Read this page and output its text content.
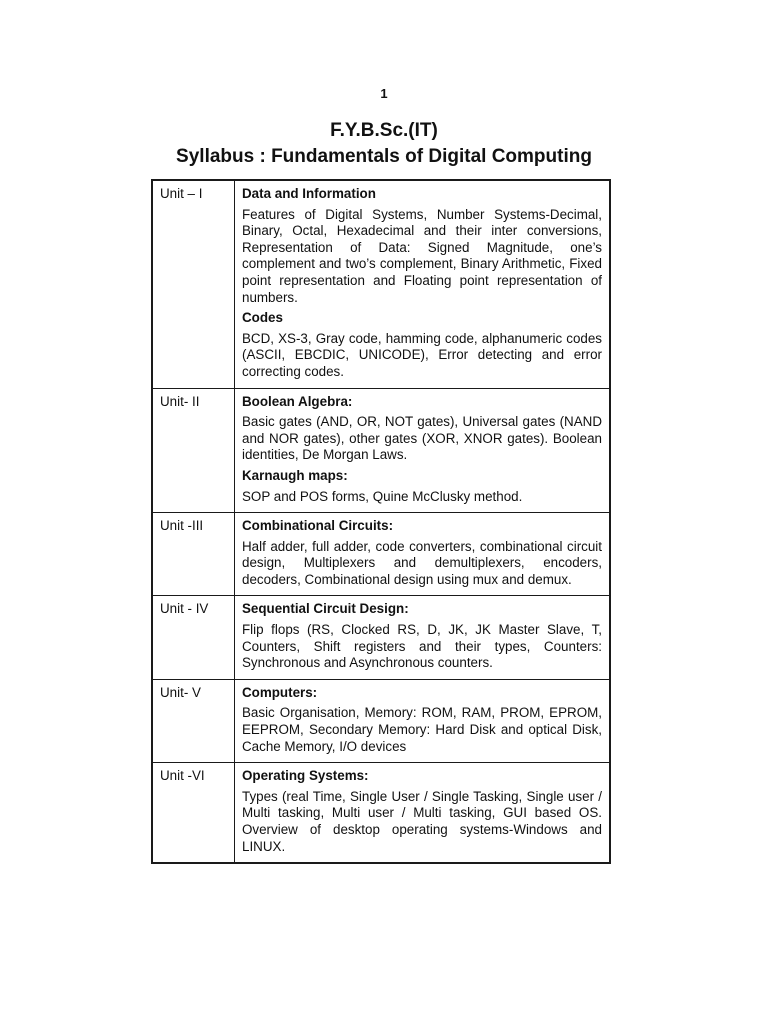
1
F.Y.B.Sc.(IT)
Syllabus : Fundamentals of Digital Computing
Unit – I	Data and Information

Features of Digital Systems, Number Systems-Decimal, Binary, Octal, Hexadecimal and their inter conversions, Representation of Data: Signed Magnitude, one’s complement and two’s complement, Binary Arithmetic, Fixed point representation and Floating point representation of numbers.

Codes

BCD, XS-3, Gray code, hamming code, alphanumeric codes (ASCII, EBCDIC, UNICODE), Error detecting and error correcting codes.

Unit- II	Boolean Algebra:

Basic gates (AND, OR, NOT gates), Universal gates (NAND and NOR gates), other gates (XOR, XNOR gates). Boolean identities, De Morgan Laws.

Karnaugh maps:

SOP and POS forms, Quine McClusky method.

Unit -III	Combinational Circuits:

Half adder, full adder, code converters, combinational circuit design, Multiplexers and demultiplexers, encoders, decoders, Combinational design using mux and demux.

Unit - IV	Sequential Circuit Design:

Flip flops (RS, Clocked RS, D, JK, JK Master Slave, T, Counters, Shift registers and their types, Counters: Synchronous and Asynchronous counters.

Unit- V	Computers:

Basic Organisation, Memory: ROM, RAM, PROM, EPROM, EEPROM, Secondary Memory: Hard Disk and optical Disk, Cache Memory, I/O devices

Unit -VI	Operating Systems:

Types (real Time, Single User / Single Tasking, Single user / Multi tasking, Multi user / Multi tasking, GUI based OS. Overview of desktop operating systems-Windows and LINUX.
